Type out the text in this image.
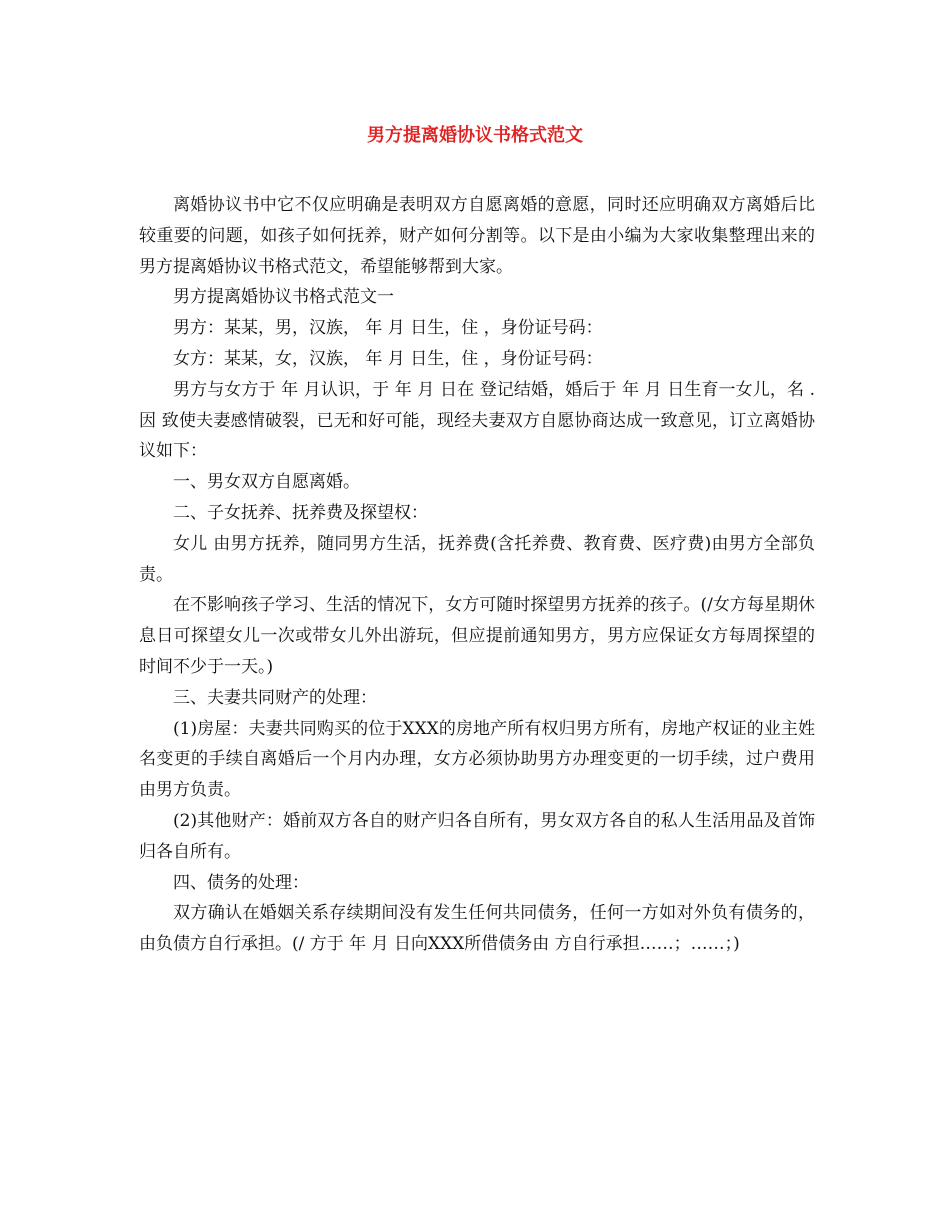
男方提离婚协议书格式范文

离婚协议书中它不仅应明确是表明双方自愿离婚的意愿，同时还应明确双方离婚后比较重要的问题，如孩子如何抚养，财产如何分割等。以下是由小编为大家收集整理出来的男方提离婚协议书格式范文，希望能够帮到大家。

男方提离婚协议书格式范文一

男方：某某，男，汉族， 年 月 日生，住 ，身份证号码：

女方：某某，女，汉族， 年 月 日生，住 ，身份证号码：

男方与女方于 年 月认识，于 年 月 日在 登记结婚，婚后于 年 月 日生育一女儿，名 .因 致使夫妻感情破裂，已无和好可能，现经夫妻双方自愿协商达成一致意见，订立离婚协议如下：

一、男女双方自愿离婚。

二、子女抚养、抚养费及探望权：

女儿 由男方抚养，随同男方生活，抚养费(含托养费、教育费、医疗费)由男方全部负责。

在不影响孩子学习、生活的情况下，女方可随时探望男方抚养的孩子。(/女方每星期休息日可探望女儿一次或带女儿外出游玩，但应提前通知男方，男方应保证女方每周探望的时间不少于一天。)

三、夫妻共同财产的处理：

(1)房屋：夫妻共同购买的位于XXX的房地产所有权归男方所有，房地产权证的业主姓名变更的手续自离婚后一个月内办理，女方必须协助男方办理变更的一切手续，过户费用由男方负责。

(2)其他财产：婚前双方各自的财产归各自所有，男女双方各自的私人生活用品及首饰归各自所有。

四、债务的处理：

双方确认在婚姻关系存续期间没有发生任何共同债务，任何一方如对外负有债务的，由负债方自行承担。(/ 方于 年 月 日向XXX所借债务由 方自行承担……；……；)
